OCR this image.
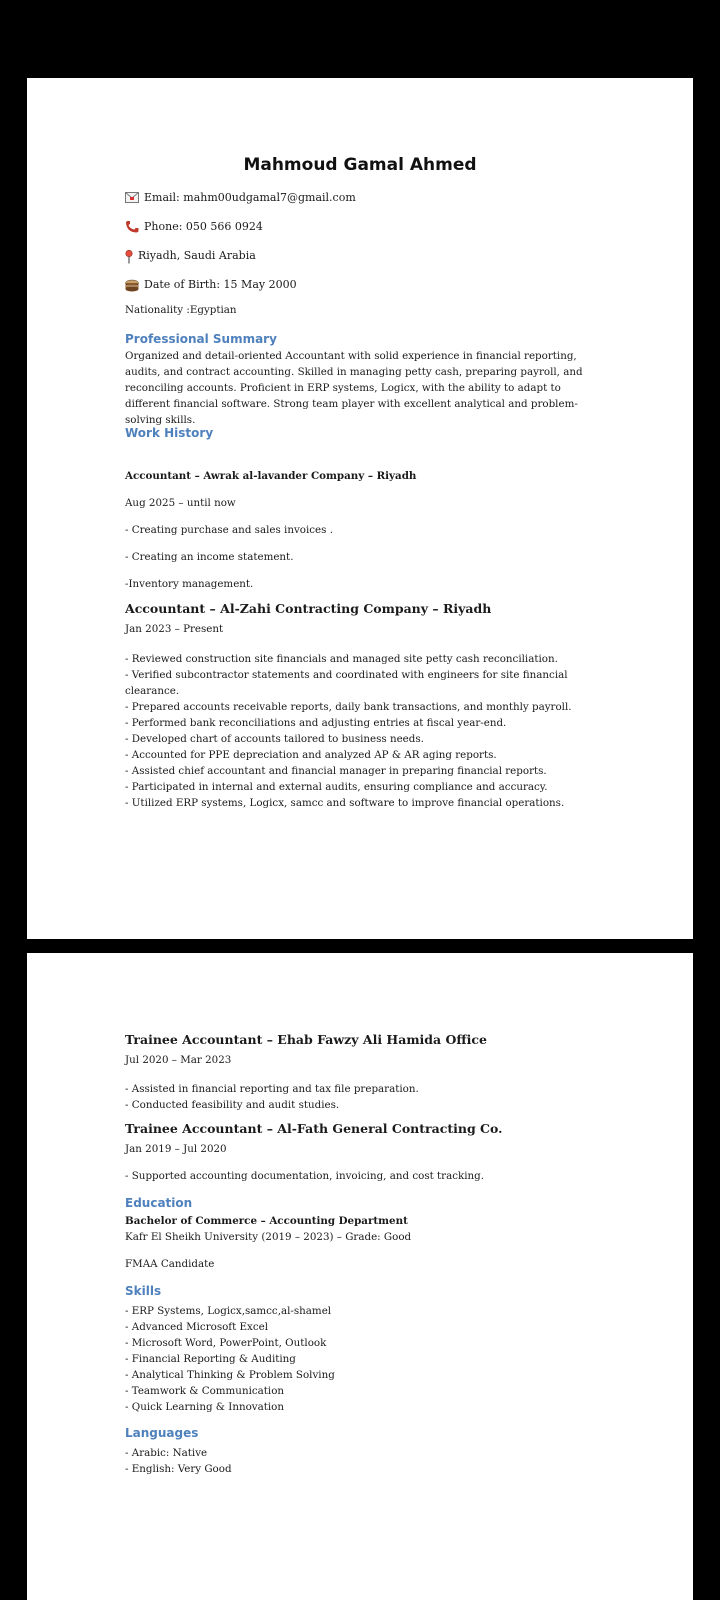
Mahmoud Gamal Ahmed
Email: mahm00udgamal7@gmail.com
Phone: 050 566 0924
Riyadh, Saudi Arabia
Date of Birth: 15 May 2000
Nationality :Egyptian
Professional Summary
Organized and detail-oriented Accountant with solid experience in financial reporting, audits, and contract accounting. Skilled in managing petty cash, preparing payroll, and reconciling accounts. Proficient in ERP systems, Logicx, with the ability to adapt to different financial software. Strong team player with excellent analytical and problem-solving skills.
Work History
Accountant – Awrak al-lavander Company – Riyadh
Aug 2025 – until now
- Creating purchase and sales invoices .
- Creating an income statement.
-Inventory management.
Accountant – Al-Zahi Contracting Company – Riyadh
Jan 2023 – Present
- Reviewed construction site financials and managed site petty cash reconciliation.
- Verified subcontractor statements and coordinated with engineers for site financial clearance.
- Prepared accounts receivable reports, daily bank transactions, and monthly payroll.
- Performed bank reconciliations and adjusting entries at fiscal year-end.
- Developed chart of accounts tailored to business needs.
- Accounted for PPE depreciation and analyzed AP & AR aging reports.
- Assisted chief accountant and financial manager in preparing financial reports.
- Participated in internal and external audits, ensuring compliance and accuracy.
- Utilized ERP systems, Logicx, samcc and software to improve financial operations.
Trainee Accountant – Ehab Fawzy Ali Hamida Office
Jul 2020 – Mar 2023
- Assisted in financial reporting and tax file preparation.
- Conducted feasibility and audit studies.
Trainee Accountant – Al-Fath General Contracting Co.
Jan 2019 – Jul 2020
- Supported accounting documentation, invoicing, and cost tracking.
Education
Bachelor of Commerce – Accounting Department
Kafr El Sheikh University (2019 – 2023) – Grade: Good
FMAA Candidate
Skills
- ERP Systems, Logicx,samcc,al-shamel
- Advanced Microsoft Excel
- Microsoft Word, PowerPoint, Outlook
- Financial Reporting & Auditing
- Analytical Thinking & Problem Solving
- Teamwork & Communication
- Quick Learning & Innovation
Languages
- Arabic: Native
- English: Very Good
